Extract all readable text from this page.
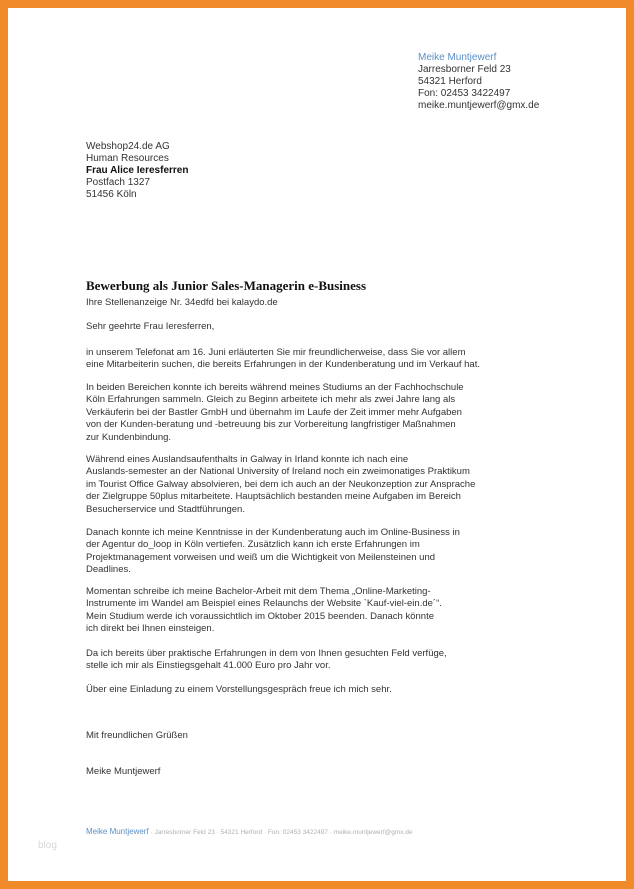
Meike Muntjewerf
Jarresborner Feld 23
54321 Herford
Fon: 02453 3422497
meike.muntjewerf@gmx.de
Webshop24.de AG
Human Resources
Frau Alice Ieresferren
Postfach 1327
51456 Köln
Bewerbung als Junior Sales-Managerin e-Business
Ihre Stellenanzeige Nr. 34edfd bei kalaydo.de
Sehr geehrte Frau Ieresferren,

in unserem Telefonat am 16. Juni erläuterten Sie mir freundlicherweise, dass Sie vor allem

eine Mitarbeiterin suchen, die bereits Erfahrungen in der Kundenberatung und im Verkauf hat.

In beiden Bereichen konnte ich bereits während meines Studiums an der Fachhochschule

Köln Erfahrungen sammeln. Gleich zu Beginn arbeitete ich mehr als zwei Jahre lang als

Verkäuferin bei der Bastler GmbH und übernahm im Laufe der Zeit immer mehr Aufgaben

von der Kunden-beratung und -betreuung bis zur Vorbereitung langfristiger Maßnahmen

zur Kundenbindung.

Während eines Auslandsaufenthalts in Galway in Irland konnte ich nach eine

Auslands-semester an der National University of Ireland noch ein zweimonatiges Praktikum

im Tourist Office Galway absolvieren, bei dem ich auch an der Neukonzeption zur Ansprache

der Zielgruppe 50plus mitarbeitete. Hauptsächlich bestanden meine Aufgaben im Bereich

Besucherservice und Stadtführungen.

Danach konnte ich meine Kenntnisse in der Kundenberatung auch im Online-Business in

der Agentur do_loop in Köln vertiefen. Zusätzlich kann ich erste Erfahrungen im

Projektmanagement vorweisen und weiß um die Wichtigkeit von Meilensteinen und

Deadlines.

Momentan schreibe ich meine Bachelor-Arbeit mit dem Thema „Online-Marketing-

Instrumente im Wandel am Beispiel eines Relaunchs der Website `Kauf-viel-ein.de´“.

Mein Studium werde ich voraussichtlich im Oktober 2015 beenden. Danach könnte

ich direkt bei Ihnen einsteigen.

Da ich bereits über praktische Erfahrungen in dem von Ihnen gesuchten Feld verfüge,

stelle ich mir als Einstiegsgehalt 41.000 Euro pro Jahr vor.

Über eine Einladung zu einem Vorstellungsgespräch freue ich mich sehr.

Mit freundlichen Grüßen
Meike Muntjewerf
Meike Muntjewerf · Jarresborner Feld 23 · 54321 Herford · Fon: 02453 3422497 · meike.muntjewerf@gmx.de
blog
